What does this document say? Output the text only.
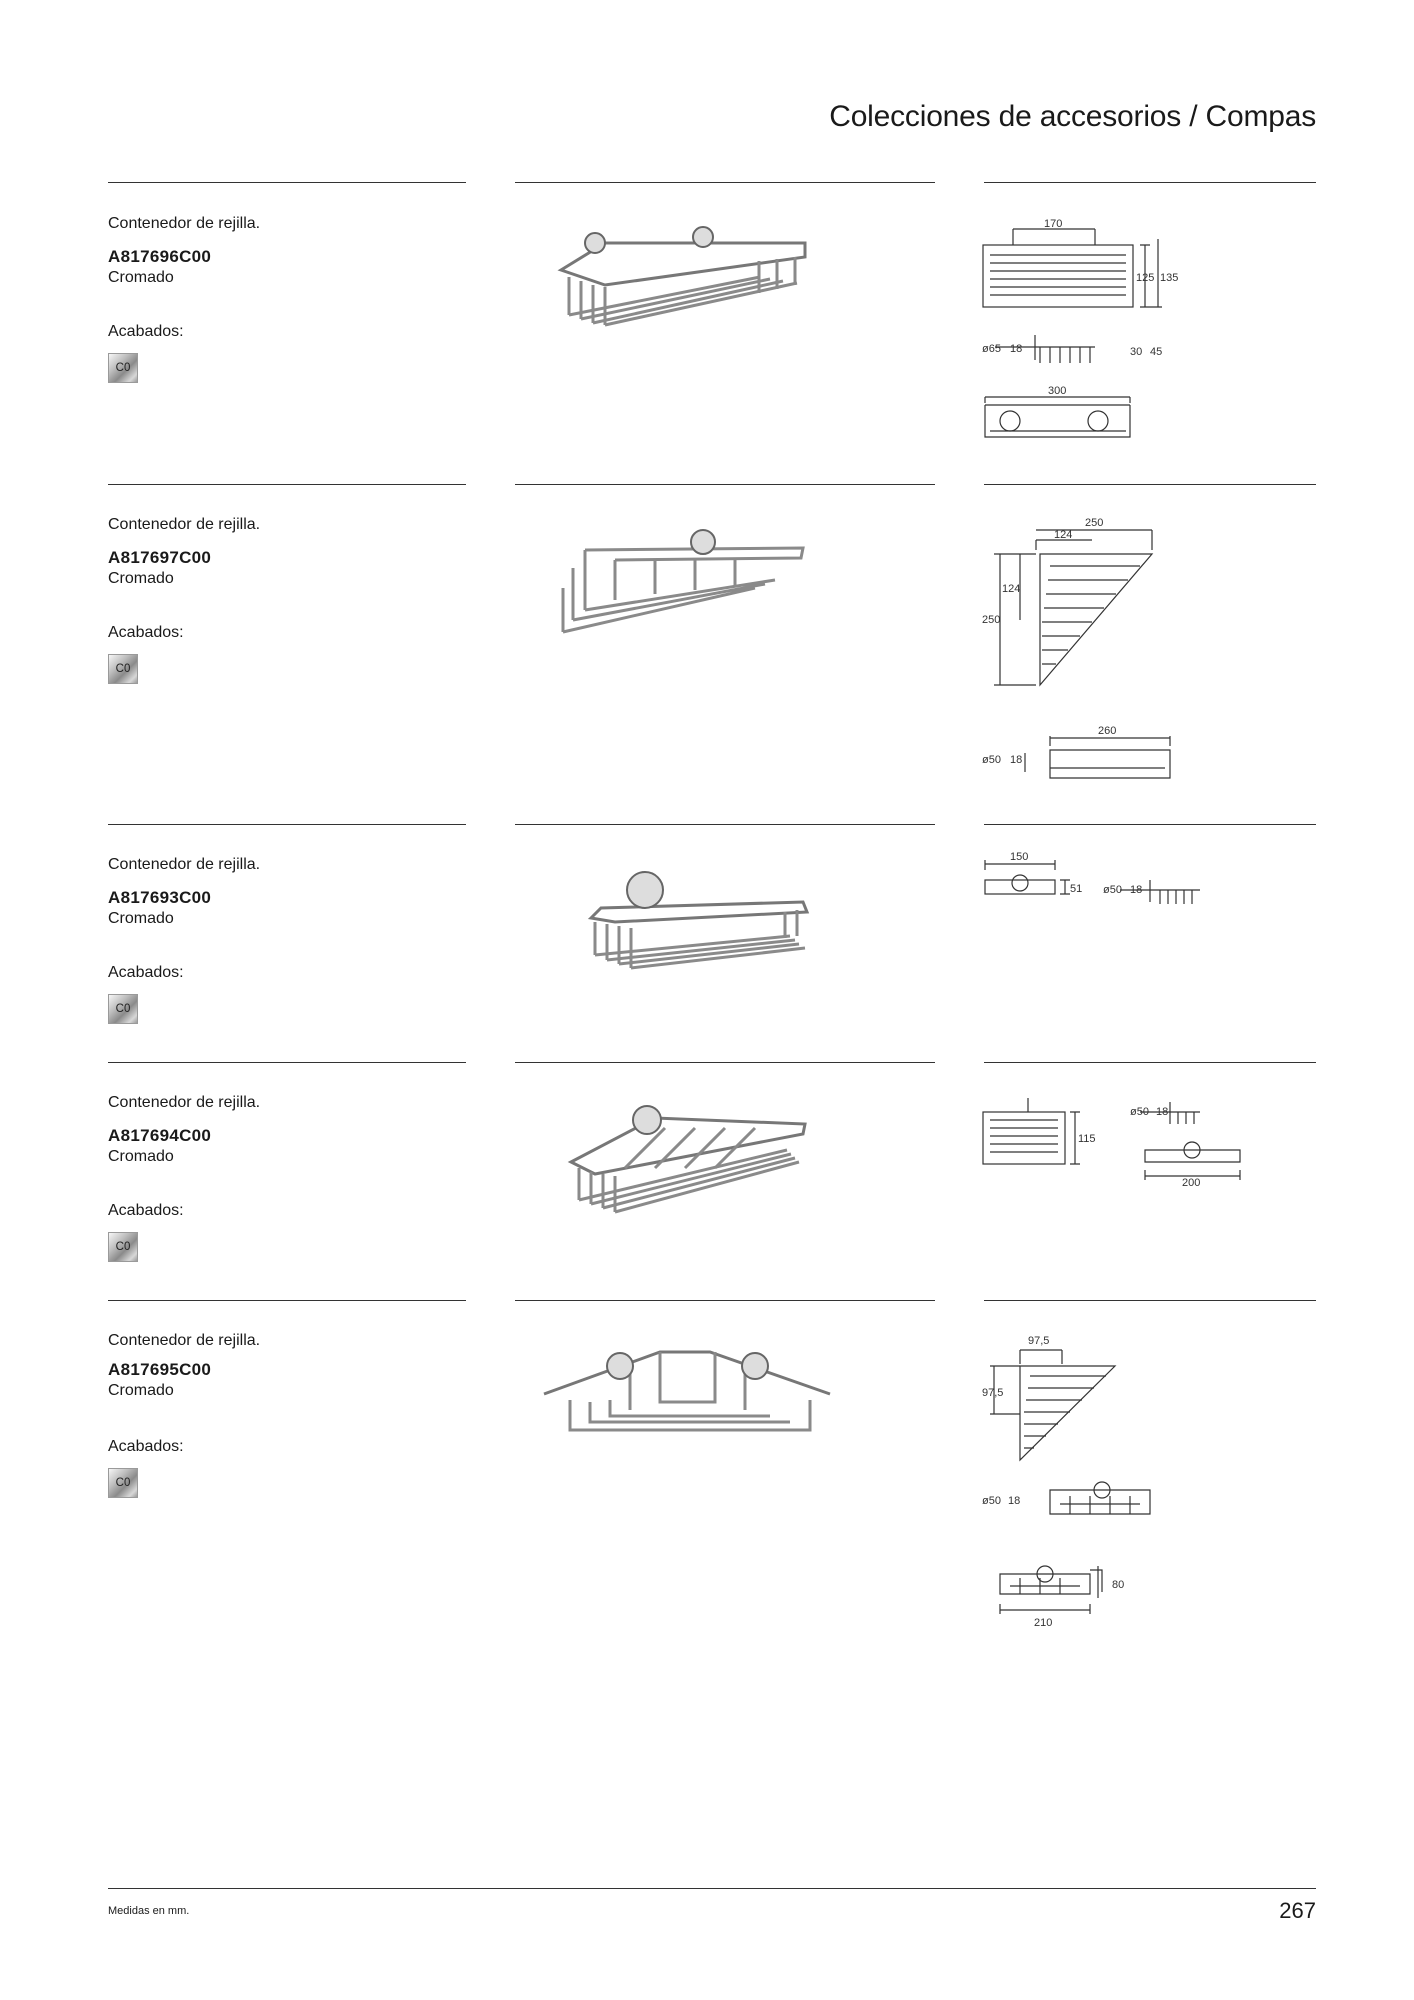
Colecciones de accesorios / Compas
Contenedor de rejilla.
A817696C00
Cromado
Acabados:
C0
170
125 135
ø65 18	30 45
300
Contenedor de rejilla.
A817697C00
Cromado
Acabados:
C0
250
124
124
250
260
ø50 18
Contenedor de rejilla.
A817693C00
Cromado
Acabados:
C0
150
51 ø50 18
Contenedor de rejilla.
A817694C00
Cromado
Acabados:
C0
115
ø50 18
200
Contenedor de rejilla.
A817695C00
Cromado
Acabados:
C0
97,5
97,5
ø50 18
80
210
Medidas en mm.	267
